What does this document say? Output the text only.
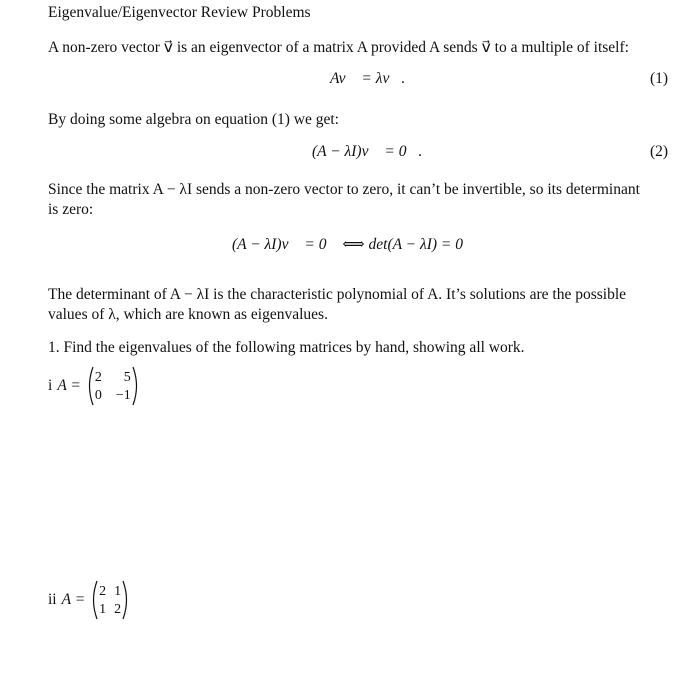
Eigenvalue/Eigenvector Review Problems
A non-zero vector v⃗ is an eigenvector of a matrix A provided A sends v⃗ to a multiple of itself:
Av⃗ = λv⃗.	(1)
By doing some algebra on equation (1) we get:
(A − λI)v⃗ = 0⃗.	(2)
Since the matrix A − λI sends a non-zero vector to zero, it can’t be invertible, so its determinant
is zero:
(A − λI)v⃗ = 0⃗ ⟺ det(A − λI) = 0
The determinant of A − λI is the characteristic polynomial of A. It’s solutions are the possible
values of λ, which are known as eigenvalues.
1. Find the eigenvalues of the following matrices by hand, showing all work.
i A = 2	5
0 −1
ii A = 2 1
1 2
